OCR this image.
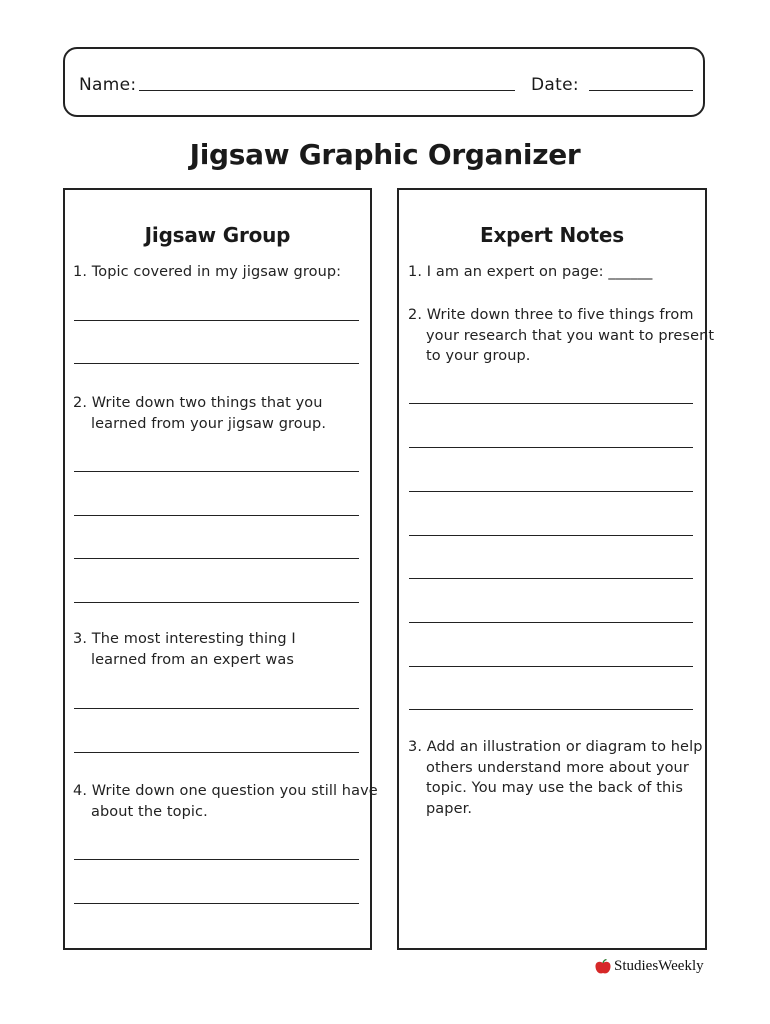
Name:	Date:
Jigsaw Graphic Organizer
Jigsaw Group
1. Topic covered in my jigsaw group:
2. Write down two things that you learned from your jigsaw group.
3. The most interesting thing I learned from an expert was
4. Write down one question you still have about the topic.
Expert Notes
1. I am an expert on page: ______
2. Write down three to five things from your research that you want to present to your group.
3. Add an illustration or diagram to help others understand more about your topic. You may use the back of this paper.
StudiesWeekly
